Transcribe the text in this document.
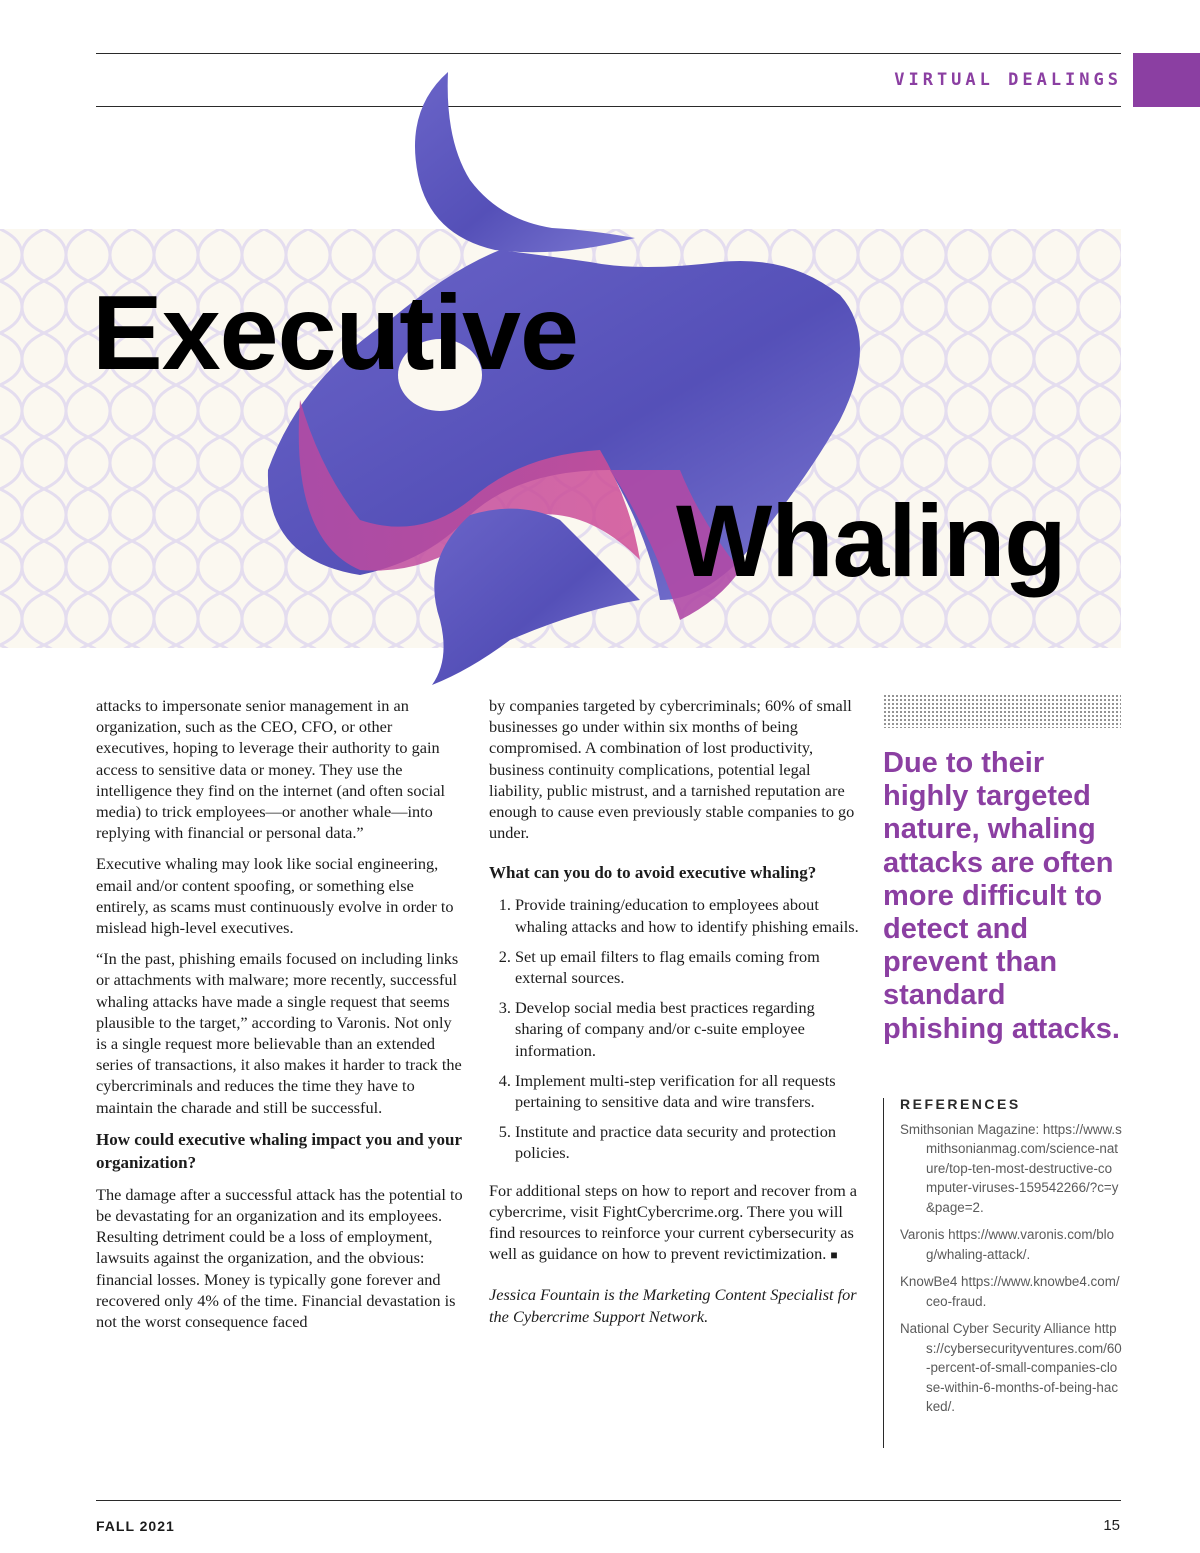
VIRTUAL DEALINGS
Executive
Whaling

attacks to impersonate senior management in an organization, such as the CEO, CFO, or other executives, hoping to leverage their authority to gain access to sensitive data or money. They use the intelligence they find on the internet (and often social media) to trick employees—or another whale—into replying with financial or personal data.”

Executive whaling may look like social engineering, email and/or content spoofing, or something else entirely, as scams must continuously evolve in order to mislead high-level executives.

“In the past, phishing emails focused on including links or attachments with malware; more recently, successful whaling attacks have made a single request that seems plausible to the target,” according to Varonis. Not only is a single request more believable than an extended series of transactions, it also makes it harder to track the cybercriminals and reduces the time they have to maintain the charade and still be successful.

How could executive whaling impact you and your organization?

The damage after a successful attack has the potential to be devastating for an organization and its employees. Resulting detriment could be a loss of employment, lawsuits against the organization, and the obvious: financial losses. Money is typically gone forever and recovered only 4% of the time. Financial devastation is not the worst consequence faced

by companies targeted by cybercriminals; 60% of small businesses go under within six months of being compromised. A combination of lost productivity, business continuity complications, potential legal liability, public mistrust, and a tarnished reputation are enough to cause even previously stable companies to go under.

What can you do to avoid executive whaling?
1. Provide training/education to employees about whaling attacks and how to identify phishing emails.
2. Set up email filters to flag emails coming from external sources.
3. Develop social media best practices regarding sharing of company and/or c-suite employee information.
4. Implement multi-step verification for all requests pertaining to sensitive data and wire transfers.
5. Institute and practice data security and protection policies.

For additional steps on how to report and recover from a cybercrime, visit FightCybercrime.org. There you will find resources to reinforce your current cybersecurity as well as guidance on how to prevent revictimization. ■

Jessica Fountain is the Marketing Content Specialist for the Cybercrime Support Network.

Due to their highly targeted nature, whaling attacks are often more difficult to detect and prevent than standard phishing attacks.
REFERENCES
Smithsonian Magazine: https://www.smithsonianmag.com/science-nature/top-ten-most-destructive-computer-viruses-159542266/?c=y&page=2.
Varonis https://www.varonis.com/blog/whaling-attack/.
KnowBe4 https://www.knowbe4.com/ceo-fraud.
National Cyber Security Alliance https://cybersecurityventures.com/60-percent-of-small-companies-close-within-6-months-of-being-hacked/.
FALL 2021	15
